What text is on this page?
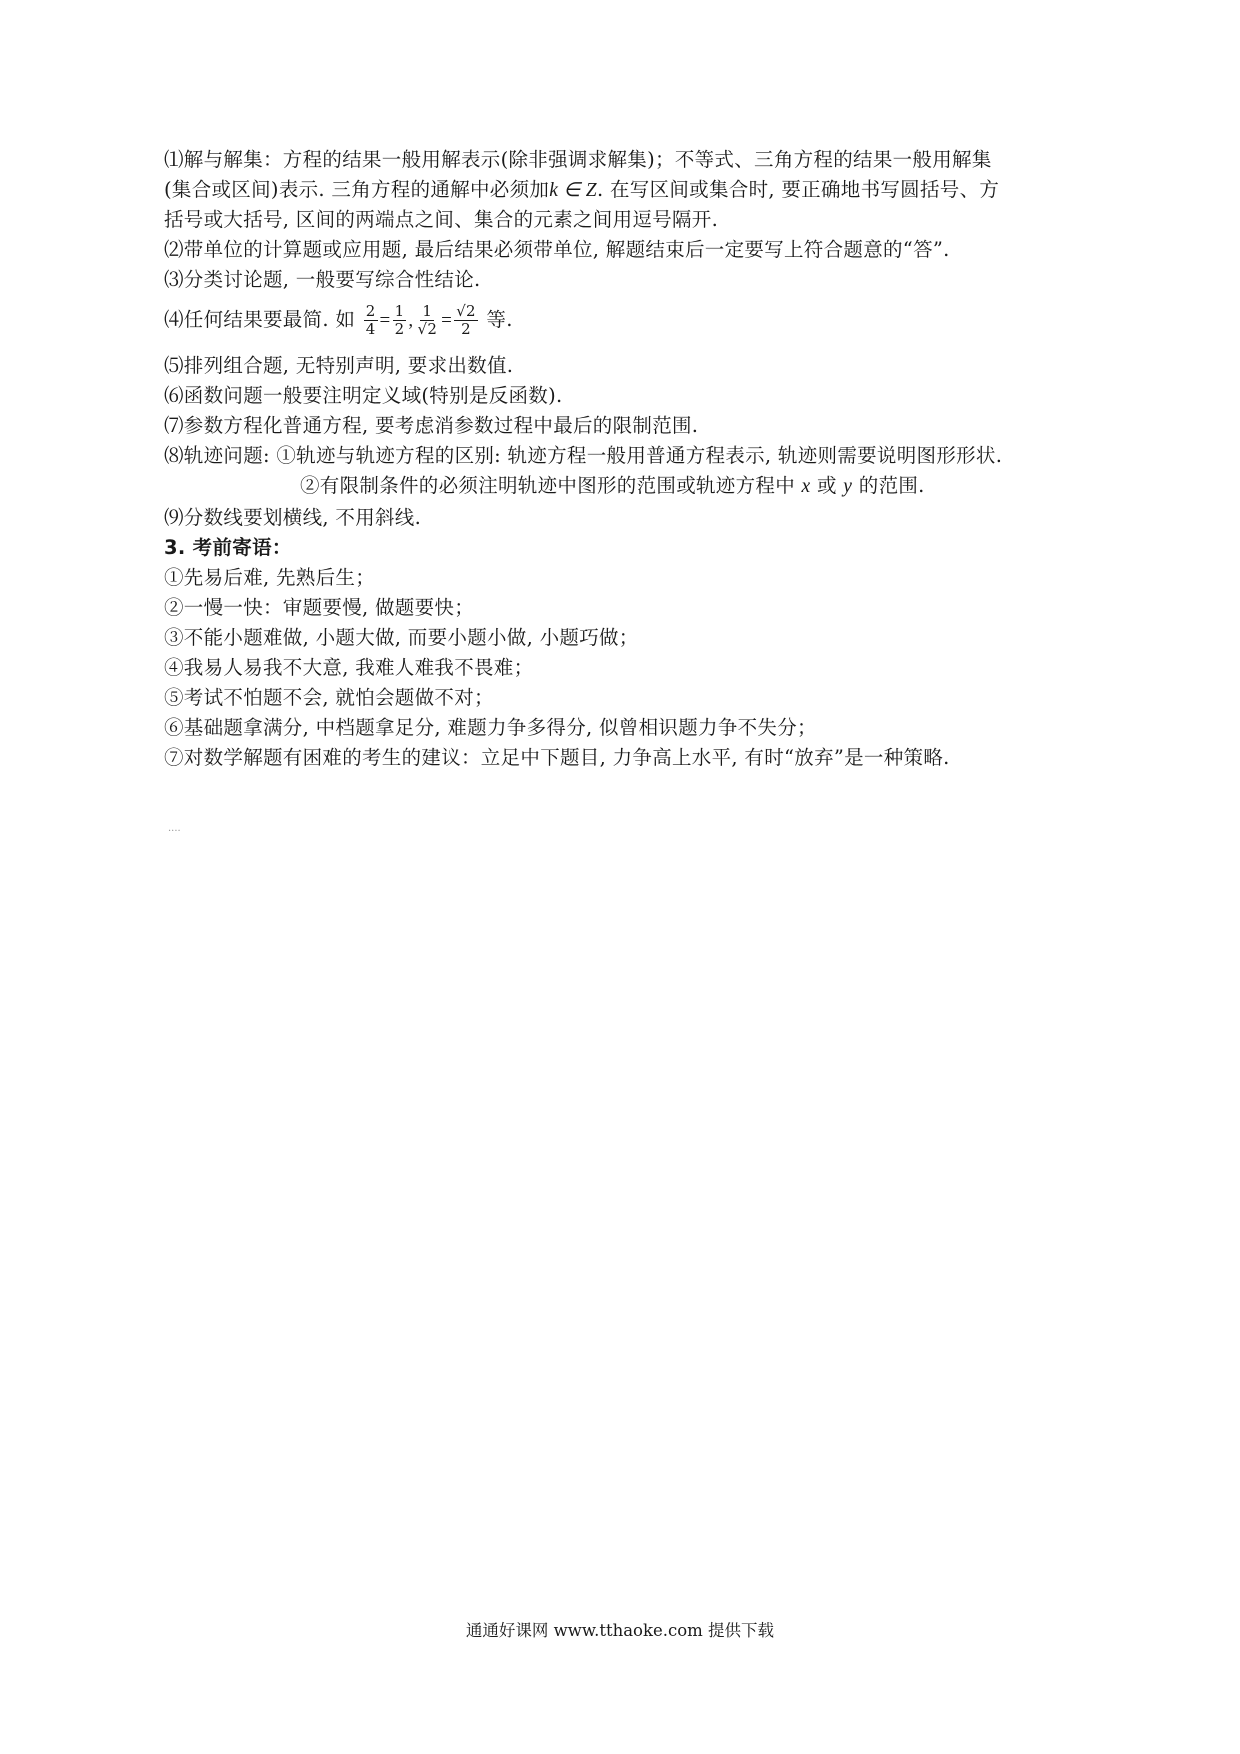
⑴解与解集：方程的结果一般用解表示(除非强调求解集)；不等式、三角方程的结果一般用解集
(集合或区间)表示. 三角方程的通解中必须加k ∈ Z. 在写区间或集合时, 要正确地书写圆括号、方
括号或大括号, 区间的两端点之间、集合的元素之间用逗号隔开.
⑵带单位的计算题或应用题, 最后结果必须带单位, 解题结束后一定要写上符合题意的“答”.
⑶分类讨论题, 一般要写综合性结论.
⑷任何结果要最简. 如 $\frac{2}{4} = \frac{1}{2}$ , $\frac{1}{√2} = \frac{√2}{2}$ 等.
⑸排列组合题, 无特别声明, 要求出数值.
⑹函数问题一般要注明定义域(特别是反函数).
⑺参数方程化普通方程, 要考虑消参数过程中最后的限制范围.
⑻轨迹问题: ①轨迹与轨迹方程的区别: 轨迹方程一般用普通方程表示, 轨迹则需要说明图形形状.
②有限制条件的必须注明轨迹中图形的范围或轨迹方程中 x 或 y 的范围.
⑼分数线要划横线, 不用斜线.
3. 考前寄语：
①先易后难, 先熟后生；
②一慢一快：审题要慢, 做题要快；
③不能小题难做, 小题大做, 而要小题小做, 小题巧做；
④我易人易我不大意, 我难人难我不畏难；
⑤考试不怕题不会, 就怕会题做不对；
⑥基础题拿满分, 中档题拿足分, 难题力争多得分, 似曾相识题力争不失分；
⑦对数学解题有困难的考生的建议：立足中下题目, 力争高上水平, 有时“放弃”是一种策略.
····
通通好课网 www.tthaoke.com 提供下载
